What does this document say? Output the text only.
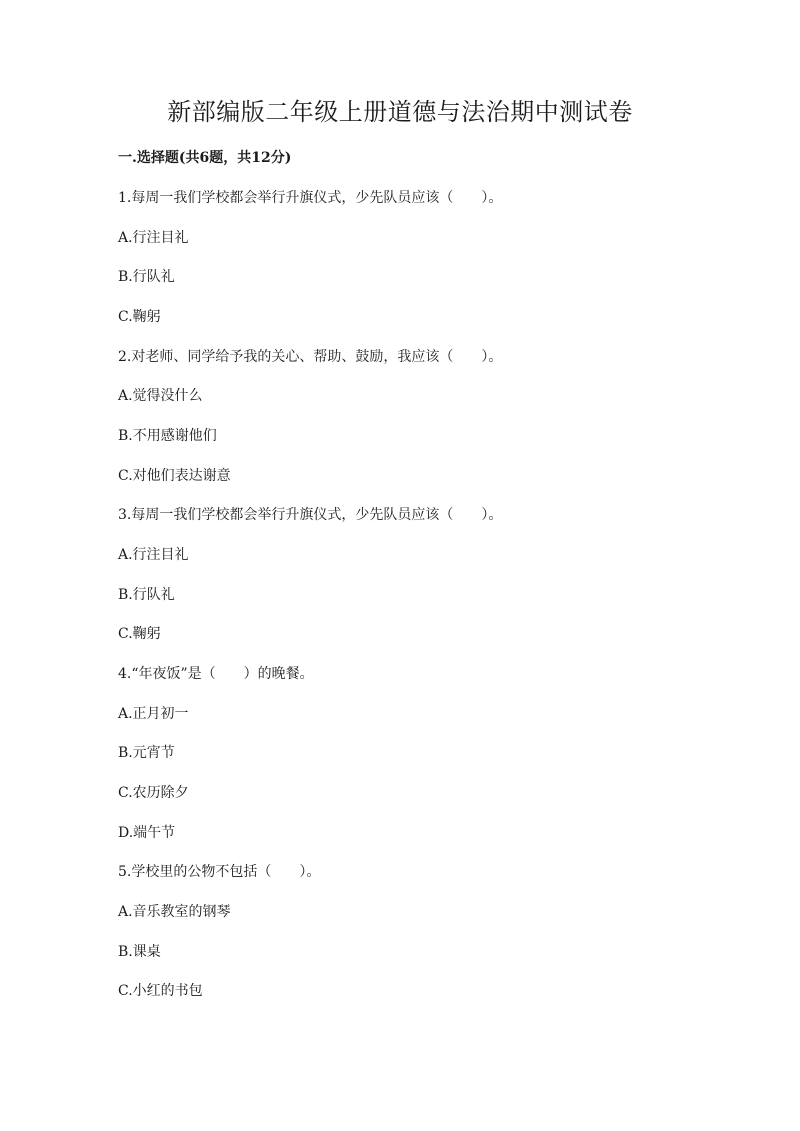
新部编版二年级上册道德与法治期中测试卷
一.选择题(共6题，共12分)
1.每周一我们学校都会举行升旗仪式，少先队员应该（　　）。
A.行注目礼
B.行队礼
C.鞠躬
2.对老师、同学给予我的关心、帮助、鼓励，我应该（　　）。
A.觉得没什么
B.不用感谢他们
C.对他们表达谢意
3.每周一我们学校都会举行升旗仪式，少先队员应该（　　）。
A.行注目礼
B.行队礼
C.鞠躬
4.“年夜饭”是（　　）的晚餐。
A.正月初一
B.元宵节
C.农历除夕
D.端午节
5.学校里的公物不包括（　　）。
A.音乐教室的钢琴
B.课桌
C.小红的书包
